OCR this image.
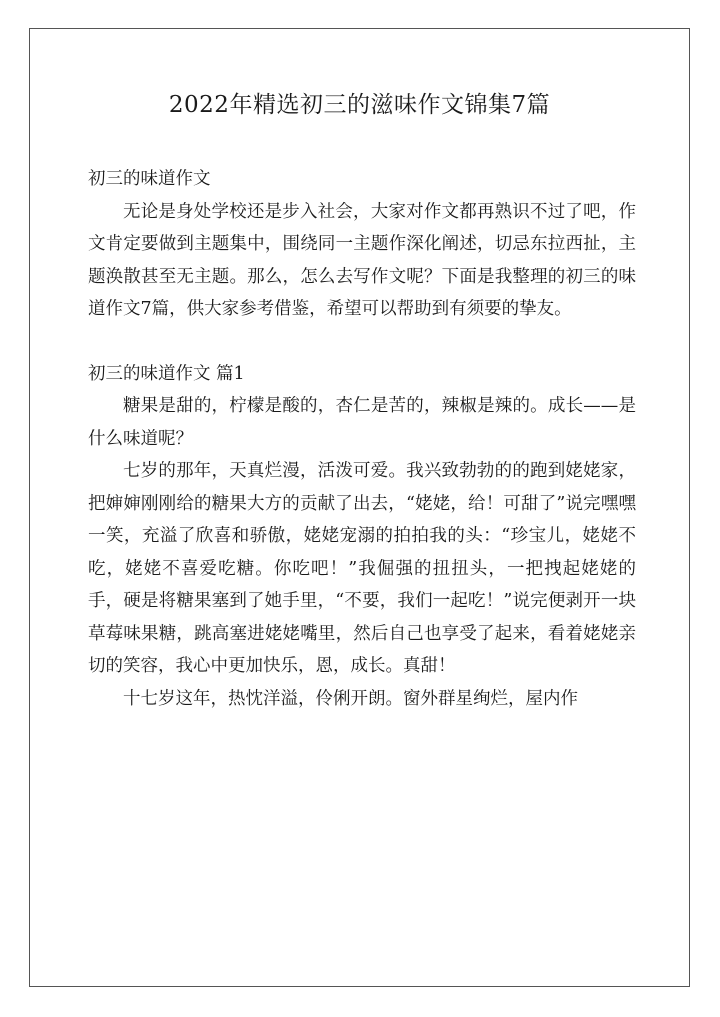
2022年精选初三的滋味作文锦集7篇
初三的味道作文

无论是身处学校还是步入社会，大家对作文都再熟识不过了吧，作文肯定要做到主题集中，围绕同一主题作深化阐述，切忌东拉西扯，主题涣散甚至无主题。那么，怎么去写作文呢？下面是我整理的初三的味道作文7篇，供大家参考借鉴，希望可以帮助到有须要的挚友。

初三的味道作文 篇1

糖果是甜的，柠檬是酸的，杏仁是苦的，辣椒是辣的。成长——是什么味道呢？

七岁的那年，天真烂漫，活泼可爱。我兴致勃勃的的跑到姥姥家，把婶婶刚刚给的糖果大方的贡献了出去，“姥姥，给！可甜了”说完嘿嘿一笑，充溢了欣喜和骄傲，姥姥宠溺的拍拍我的头：“珍宝儿，姥姥不吃，姥姥不喜爱吃糖。你吃吧！”我倔强的扭扭头，一把拽起姥姥的手，硬是将糖果塞到了她手里，“不要，我们一起吃！”说完便剥开一块草莓味果糖，跳高塞进姥姥嘴里，然后自己也享受了起来，看着姥姥亲切的笑容，我心中更加快乐，恩，成长。真甜！

十七岁这年，热忱洋溢，伶俐开朗。窗外群星绚烂，屋内作
